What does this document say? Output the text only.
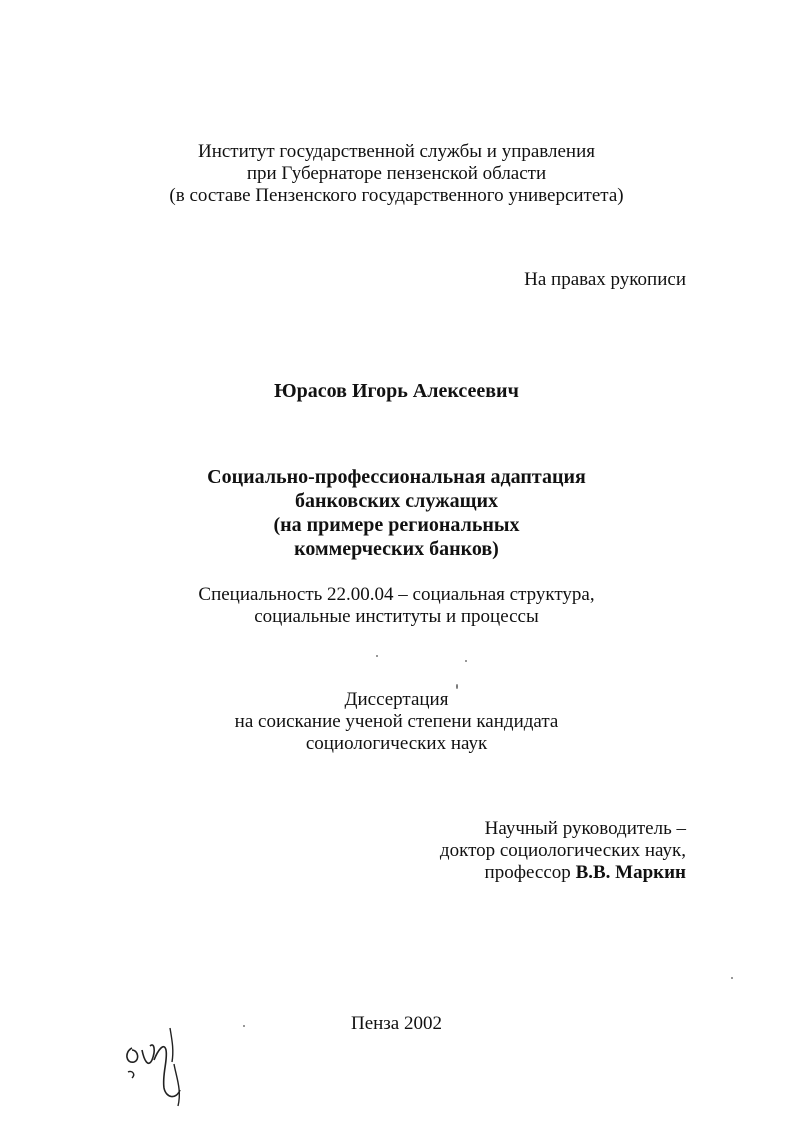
Институт государственной службы и управления
при Губернаторе пензенской области
(в составе Пензенского государственного университета)
На правах рукописи
Юрасов Игорь Алексеевич
Социально-профессиональная адаптация
банковских служащих
(на примере региональных
коммерческих банков)
Специальность 22.00.04 – социальная структура,
социальные институты и процессы
Диссертация
на соискание ученой степени кандидата
социологических наук
Научный руководитель –
доктор социологических наук,
профессор В.В. Маркин
Пенза 2002
